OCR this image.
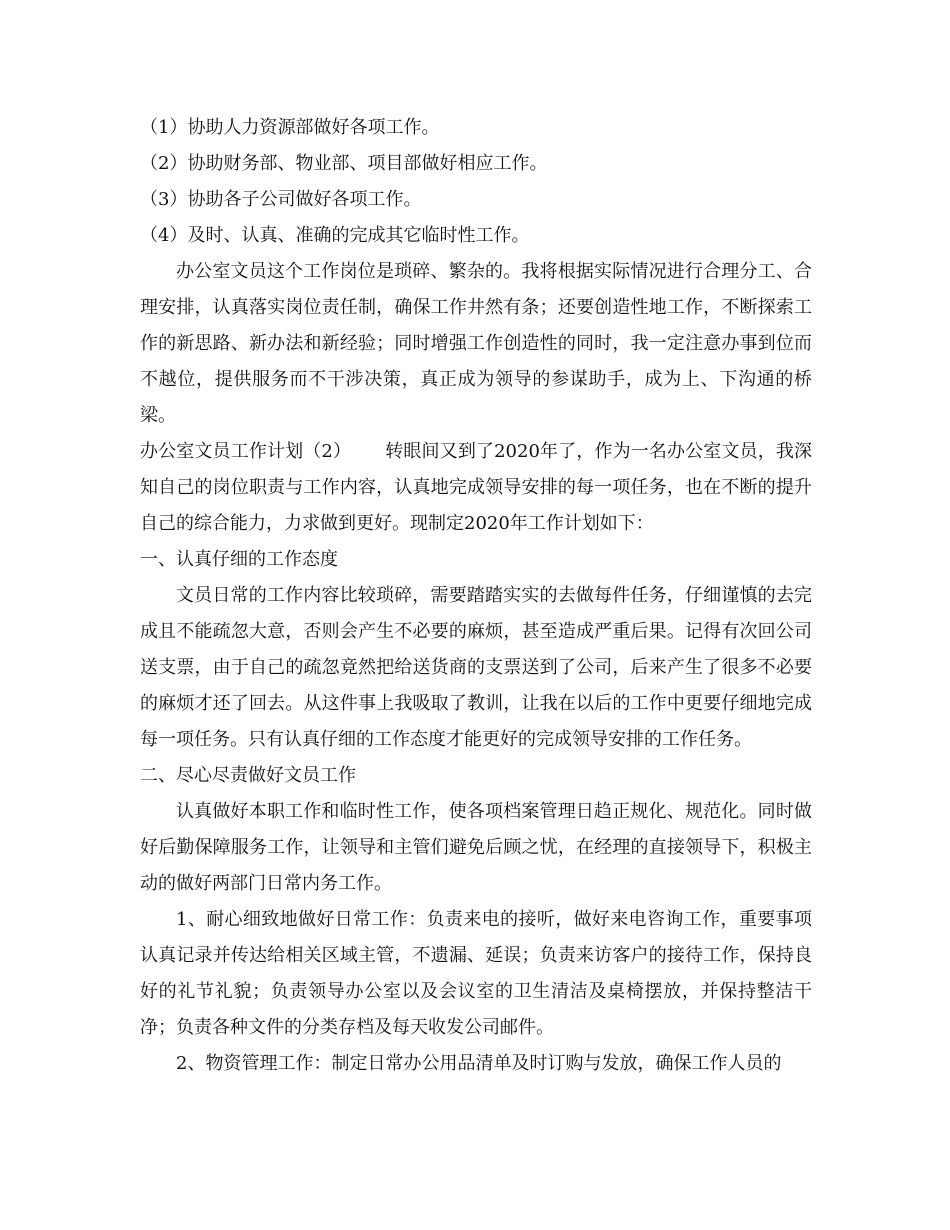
（1）协助人力资源部做好各项工作。

（2）协助财务部、物业部、项目部做好相应工作。

（3）协助各子公司做好各项工作。

（4）及时、认真、准确的完成其它临时性工作。

办公室文员这个工作岗位是琐碎、繁杂的。我将根据实际情况进行合理分工、合理安排，认真落实岗位责任制，确保工作井然有条；还要创造性地工作，不断探索工作的新思路、新办法和新经验；同时增强工作创造性的同时，我一定注意办事到位而不越位，提供服务而不干涉决策，真正成为领导的参谋助手，成为上、下沟通的桥梁。

办公室文员工作计划（2） 转眼间又到了2020年了，作为一名办公室文员，我深知自己的岗位职责与工作内容，认真地完成领导安排的每一项任务，也在不断的提升自己的综合能力，力求做到更好。现制定2020年工作计划如下：

一、认真仔细的工作态度

文员日常的工作内容比较琐碎，需要踏踏实实的去做每件任务，仔细谨慎的去完成且不能疏忽大意，否则会产生不必要的麻烦，甚至造成严重后果。记得有次回公司送支票，由于自己的疏忽竟然把给送货商的支票送到了公司，后来产生了很多不必要的麻烦才还了回去。从这件事上我吸取了教训，让我在以后的工作中更要仔细地完成每一项任务。只有认真仔细的工作态度才能更好的完成领导安排的工作任务。

二、尽心尽责做好文员工作

认真做好本职工作和临时性工作，使各项档案管理日趋正规化、规范化。同时做好后勤保障服务工作，让领导和主管们避免后顾之忧，在经理的直接领导下，积极主动的做好两部门日常内务工作。

1、耐心细致地做好日常工作：负责来电的接听，做好来电咨询工作，重要事项认真记录并传达给相关区域主管，不遗漏、延误；负责来访客户的接待工作，保持良好的礼节礼貌；负责领导办公室以及会议室的卫生清洁及桌椅摆放，并保持整洁干净；负责各种文件的分类存档及每天收发公司邮件。

2、物资管理工作：制定日常办公用品清单及时订购与发放，确保工作人员的
